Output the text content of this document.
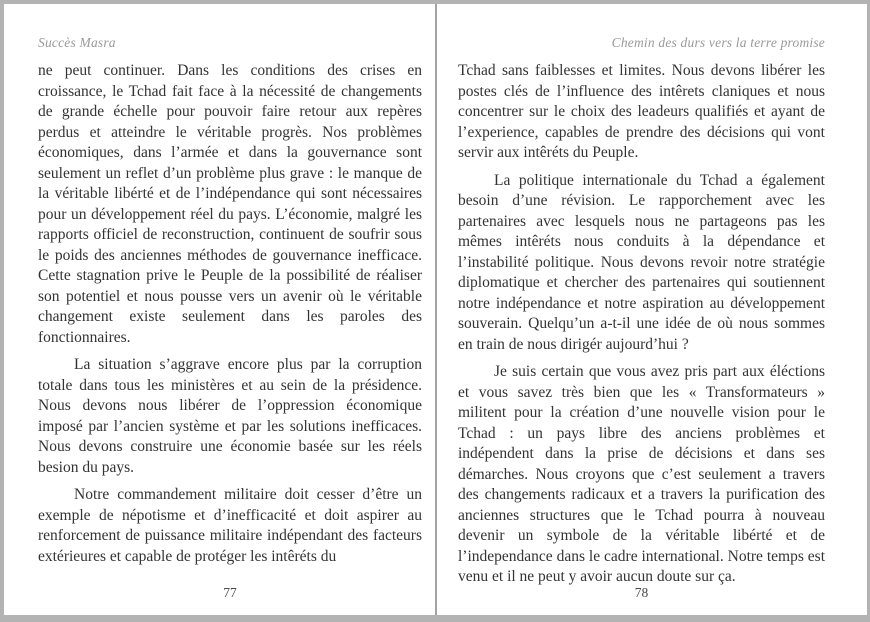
Succès Masra

ne peut continuer. Dans les conditions des crises en croissance, le Tchad fait face à la nécessité de changements de grande échelle pour pouvoir faire retour aux repères perdus et atteindre le véritable progrès. Nos problèmes économiques, dans l’armée et dans la gouvernance sont seulement un reflet d’un problème plus grave : le manque de la véritable libérté et de l’indépendance qui sont nécessaires pour un développement réel du pays. L’économie, malgré les rapports officiel de reconstruction, continuent de soufrir sous le poids des anciennes méthodes de gouvernance inefficace. Cette stagnation prive le Peuple de la possibilité de réaliser son potentiel et nous pousse vers un avenir où le véritable changement existe seulement dans les paroles des fonctionnaires.

La situation s’aggrave encore plus par la corruption totale dans tous les ministères et au sein de la présidence. Nous devons nous libérer de l’oppression économique imposé par l’ancien système et par les solutions inefficaces. Nous devons construire une économie basée sur les réels besion du pays.

Notre commandement militaire doit cesser d’être un exemple de népotisme et d’inefficacité et doit aspirer au renforcement de puissance militaire indépendant des facteurs extérieures et capable de protéger les intêréts du

77
Chemin des durs vers la terre promise

Tchad sans faiblesses et limites. Nous devons libérer les postes clés de l’influence des intêrets claniques et nous concentrer sur le choix des leadeurs qualifiés et ayant de l’experience, capables de prendre des décisions qui vont servir aux intêréts du Peuple.

La politique internationale du Tchad a également besoin d’une révision. Le rapporchement avec les partenaires avec lesquels nous ne partageons pas les mêmes intêréts nous conduits à la dépendance et l’instabilité politique. Nous devons revoir notre stratégie diplomatique et chercher des partenaires qui soutiennent notre indépendance et notre aspiration au développement souverain. Quelqu’un a-t-il une idée de où nous sommes en train de nous dirigér aujourd’hui ?

Je suis certain que vous avez pris part aux éléctions et vous savez très bien que les « Transformateurs » militent pour la création d’une nouvelle vision pour le Tchad : un pays libre des anciens problèmes et indépendent dans la prise de décisions et dans ses démarches. Nous croyons que c’est seulement a travers des changements radicaux et a travers la purification des anciennes structures que le Tchad pourra à nouveau devenir un symbole de la véritable libérté et de l’independance dans le cadre international. Notre temps est venu et il ne peut y avoir aucun doute sur ça.

78
